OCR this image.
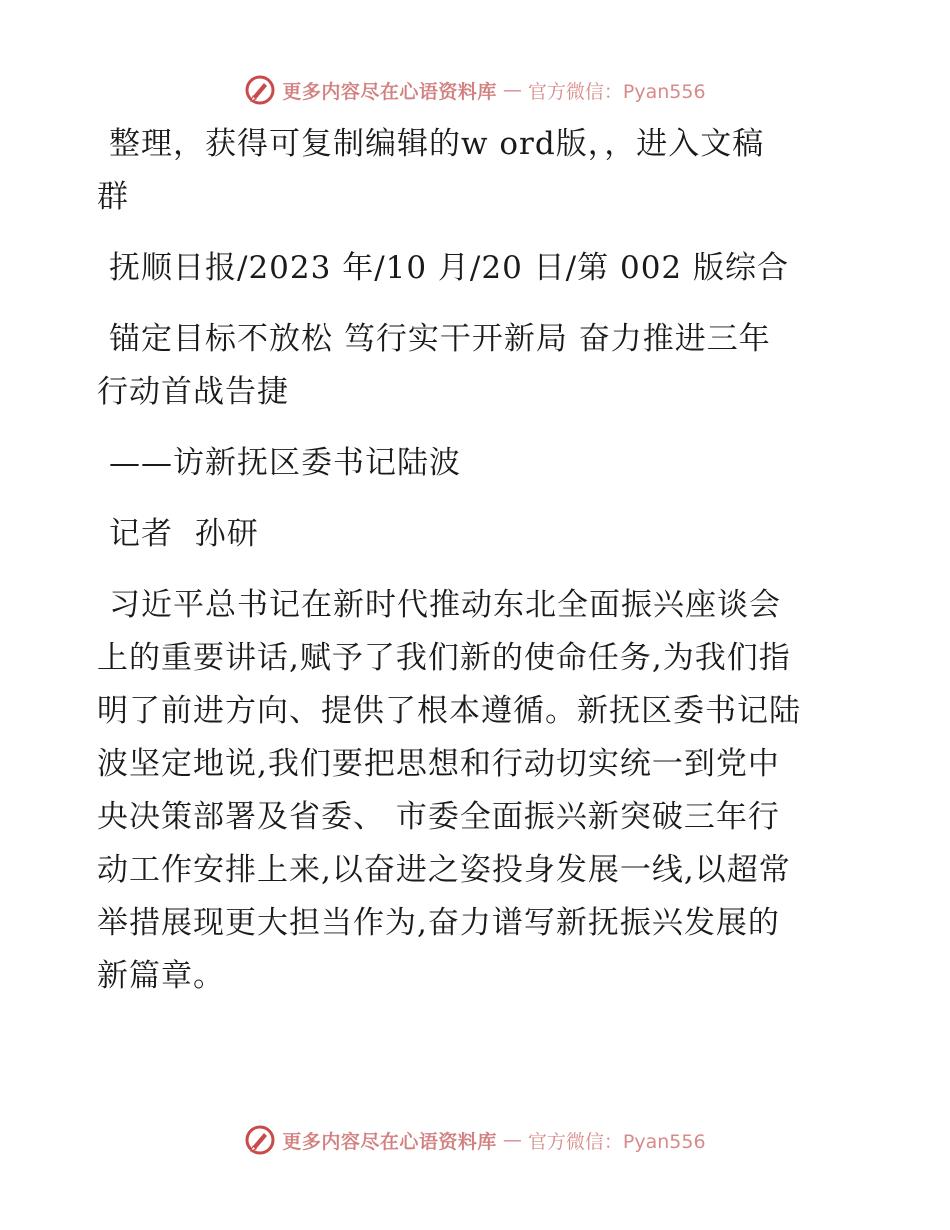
更多内容尽在心语资料库 — 官方微信：Pyan556

整理，获得可复制编辑的w ord版，，进入文稿

群

抚顺日报/2023 年/10 月/20 日/第 002 版综合

锚定目标不放松 笃行实干开新局 奋力推进三年

行动首战告捷

——访新抚区委书记陆波

记者  孙研

习近平总书记在新时代推动东北全面振兴座谈会

上的重要讲话,赋予了我们新的使命任务,为我们指

明了前进方向、提供了根本遵循。新抚区委书记陆

波坚定地说,我们要把思想和行动切实统一到党中

央决策部署及省委、 市委全面振兴新突破三年行

动工作安排上来,以奋进之姿投身发展一线,以超常

举措展现更大担当作为,奋力谱写新抚振兴发展的

新篇章。

更多内容尽在心语资料库 — 官方微信：Pyan556
